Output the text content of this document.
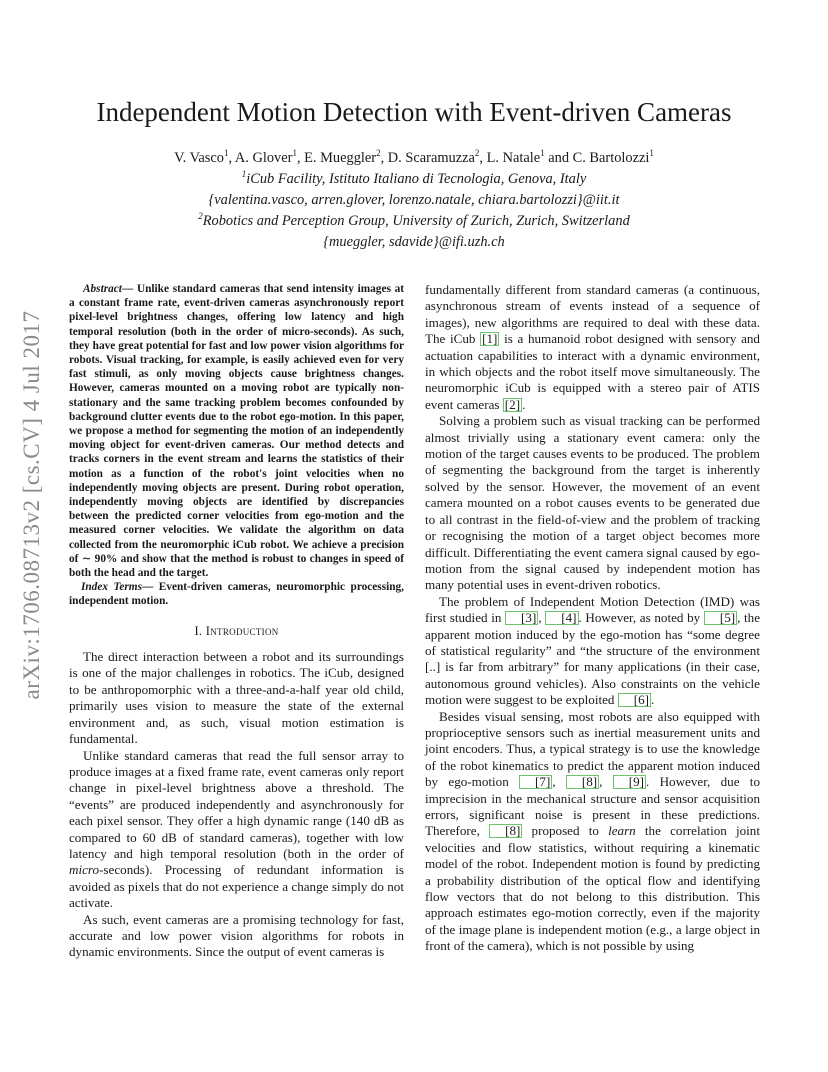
arXiv:1706.08713v2 [cs.CV] 4 Jul 2017
Independent Motion Detection with Event-driven Cameras
V. Vasco$^1$, A. Glover$^1$, E. Mueggler$^2$, D. Scaramuzza$^2$, L. Natale$^1$ and C. Bartolozzi$^1$
$^1$iCub Facility, Istituto Italiano di Tecnologia, Genova, Italy
{valentina.vasco, arren.glover, lorenzo.natale, chiara.bartolozzi}@iit.it
$^2$Robotics and Perception Group, University of Zurich, Zurich, Switzerland
{mueggler, sdavide}@ifi.uzh.ch

Abstract— Unlike standard cameras that send intensity images at a constant frame rate, event-driven cameras asynchronously report pixel-level brightness changes, offering low latency and high temporal resolution (both in the order of micro-seconds). As such, they have great potential for fast and low power vision algorithms for robots. Visual tracking, for example, is easily achieved even for very fast stimuli, as only moving objects cause brightness changes. However, cameras mounted on a moving robot are typically non-stationary and the same tracking problem becomes confounded by background clutter events due to the robot ego-motion. In this paper, we propose a method for segmenting the motion of an independently moving object for event-driven cameras. Our method detects and tracks corners in the event stream and learns the statistics of their motion as a function of the robot's joint velocities when no independently moving objects are present. During robot operation, independently moving objects are identified by discrepancies between the predicted corner velocities from ego-motion and the measured corner velocities. We validate the algorithm on data collected from the neuromorphic iCub robot. We achieve a precision of ∼ 90% and show that the method is robust to changes in speed of both the head and the target.

Index Terms— Event-driven cameras, neuromorphic processing, independent motion.

I. Introduction

The direct interaction between a robot and its surroundings is one of the major challenges in robotics. The iCub, designed to be anthropomorphic with a three-and-a-half year old child, primarily uses vision to measure the state of the external environment and, as such, visual motion estimation is fundamental.

Unlike standard cameras that read the full sensor array to produce images at a fixed frame rate, event cameras only report change in pixel-level brightness above a threshold. The “events” are produced independently and asynchronously for each pixel sensor. They offer a high dynamic range (140 dB as compared to 60 dB of standard cameras), together with low latency and high temporal resolution (both in the order of micro-seconds). Processing of redundant information is avoided as pixels that do not experience a change simply do not activate.

As such, event cameras are a promising technology for fast, accurate and low power vision algorithms for robots in dynamic environments. Since the output of event cameras is

fundamentally different from standard cameras (a continuous, asynchronous stream of events instead of a sequence of images), new algorithms are required to deal with these data. The iCub [1] is a humanoid robot designed with sensory and actuation capabilities to interact with a dynamic environment, in which objects and the robot itself move simultaneously. The neuromorphic iCub is equipped with a stereo pair of ATIS event cameras [2] .

Solving a problem such as visual tracking can be performed almost trivially using a stationary event camera: only the motion of the target causes events to be produced. The problem of segmenting the background from the target is inherently solved by the sensor. However, the movement of an event camera mounted on a robot causes events to be generated due to all contrast in the field-of-view and the problem of tracking or recognising the motion of a target object becomes more difficult. Differentiating the event camera signal caused by ego-motion from the signal caused by independent motion has many potential uses in event-driven robotics.

The problem of Independent Motion Detection (IMD) was first studied in [3] , [4] . However, as noted by [5] , the apparent motion induced by the ego-motion has “some degree of statistical regularity” and “the structure of the environment [..] is far from arbitrary” for many applications (in their case, autonomous ground vehicles). Also constraints on the vehicle motion were suggest to be exploited [6] .

Besides visual sensing, most robots are also equipped with proprioceptive sensors such as inertial measurement units and joint encoders. Thus, a typical strategy is to use the knowledge of the robot kinematics to predict the apparent motion induced by ego-motion [7] , [8] , [9] . However, due to imprecision in the mechanical structure and sensor acquisition errors, significant noise is present in these predictions. Therefore, [8] proposed to learn the correlation joint velocities and flow statistics, without requiring a kinematic model of the robot. Independent motion is found by predicting a probability distribution of the optical flow and identifying flow vectors that do not belong to this distribution. This approach estimates ego-motion correctly, even if the majority of the image plane is independent motion (e.g., a large object in front of the camera), which is not possible by using
